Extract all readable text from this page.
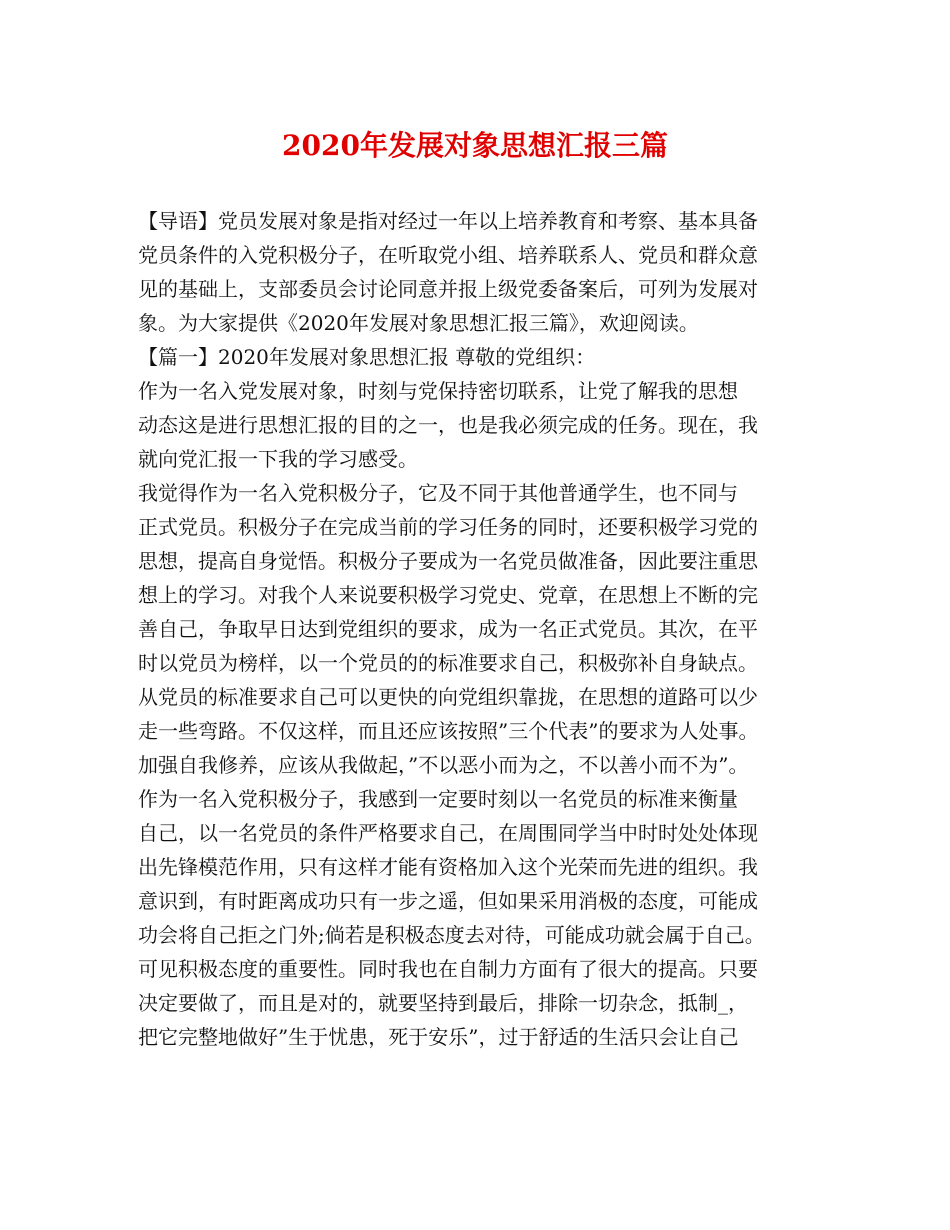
2020年发展对象思想汇报三篇
【导语】党员发展对象是指对经过一年以上培养教育和考察、基本具备
党员条件的入党积极分子，在听取党小组、培养联系人、党员和群众意
见的基础上，支部委员会讨论同意并报上级党委备案后，可列为发展对
象。为大家提供《2020年发展对象思想汇报三篇》，欢迎阅读。
【篇一】2020年发展对象思想汇报 尊敬的党组织：
作为一名入党发展对象，时刻与党保持密切联系，让党了解我的思想
动态这是进行思想汇报的目的之一，也是我必须完成的任务。现在，我
就向党汇报一下我的学习感受。
我觉得作为一名入党积极分子，它及不同于其他普通学生，也不同与
正式党员。积极分子在完成当前的学习任务的同时，还要积极学习党的
思想，提高自身觉悟。积极分子要成为一名党员做准备，因此要注重思
想上的学习。对我个人来说要积极学习党史、党章，在思想上不断的完
善自己，争取早日达到党组织的要求，成为一名正式党员。其次，在平
时以党员为榜样，以一个党员的的标准要求自己，积极弥补自身缺点。
从党员的标准要求自己可以更快的向党组织靠拢，在思想的道路可以少
走一些弯路。不仅这样，而且还应该按照”三个代表”的要求为人处事。
加强自我修养，应该从我做起，”不以恶小而为之，不以善小而不为”。
作为一名入党积极分子，我感到一定要时刻以一名党员的标准来衡量
自己，以一名党员的条件严格要求自己，在周围同学当中时时处处体现
出先锋模范作用，只有这样才能有资格加入这个光荣而先进的组织。我
意识到，有时距离成功只有一步之遥，但如果采用消极的态度，可能成
功会将自己拒之门外;倘若是积极态度去对待，可能成功就会属于自己。
可见积极态度的重要性。同时我也在自制力方面有了很大的提高。只要
决定要做了，而且是对的，就要坚持到最后，排除一切杂念，抵制_，
把它完整地做好”生于忧患，死于安乐”，过于舒适的生活只会让自己
